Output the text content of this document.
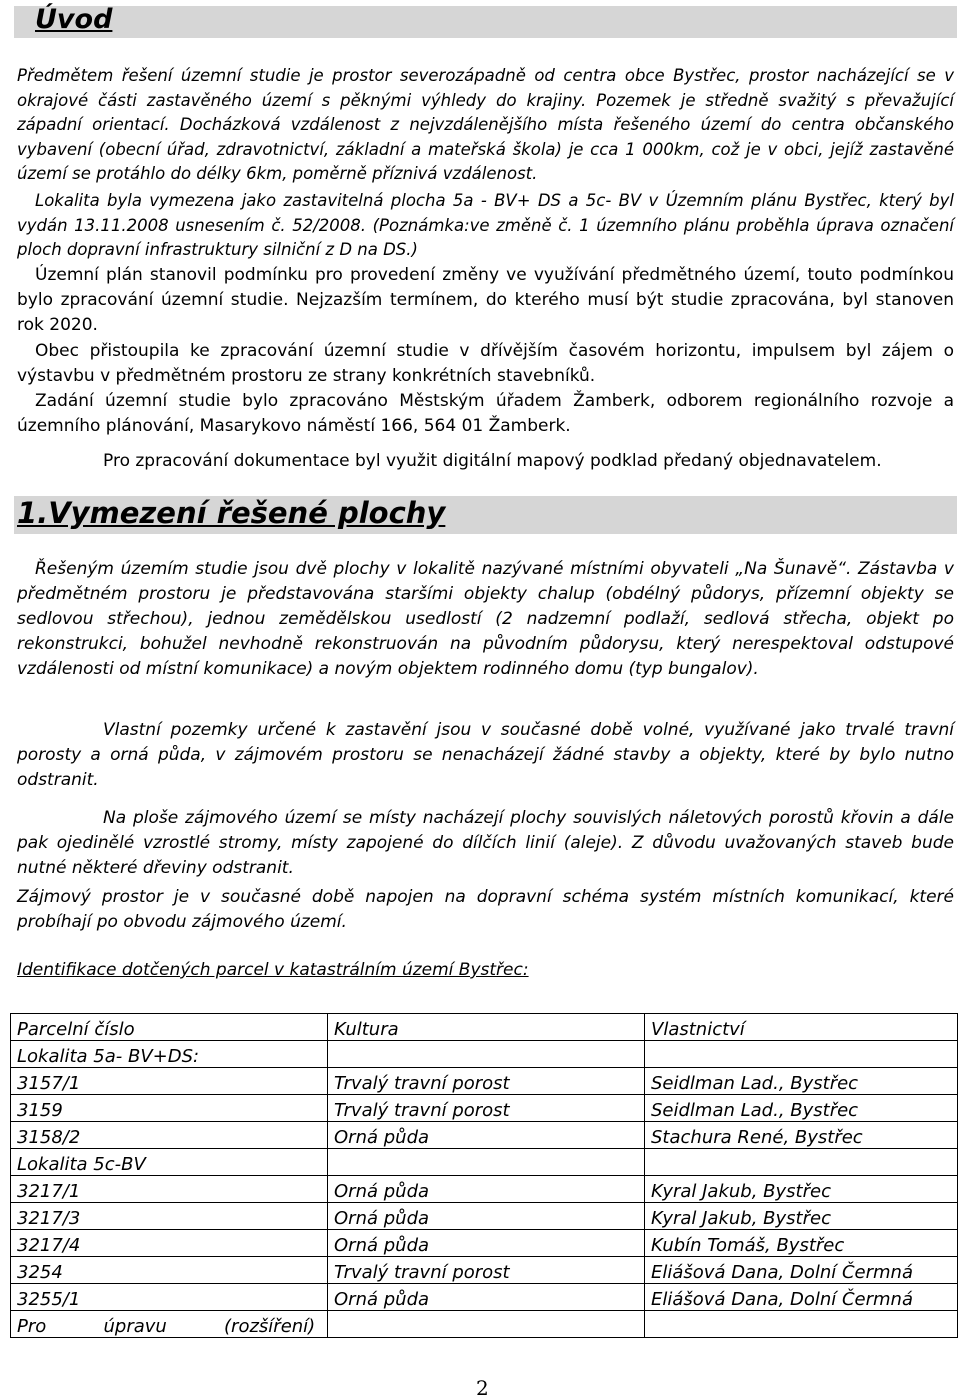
Úvod

Předmětem řešení územní studie je prostor severozápadně od centra obce Bystřec, prostor nacházející se v okrajové části zastavěného území s pěknými výhledy do krajiny. Pozemek je středně svažitý s převažující západní orientací. Docházková vzdálenost z nejvzdálenějšího místa řešeného území do centra občanského vybavení (obecní úřad, zdravotnictví, základní a mateřská škola) je cca 1 000km, což je v obci, jejíž zastavěné území se protáhlo do délky 6km, poměrně příznivá vzdálenost.

Lokalita byla vymezena jako zastavitelná plocha 5a - BV+ DS a 5c- BV v Územním plánu Bystřec, který byl vydán 13.11.2008 usnesením č. 52/2008. (Poznámka:ve změně č. 1 územního plánu proběhla úprava označení ploch dopravní infrastruktury silniční z D na DS.)

Územní plán stanovil podmínku pro provedení změny ve využívání předmětného území, touto podmínkou bylo zpracování územní studie. Nejzazším termínem, do kterého musí být studie zpracována, byl stanoven rok 2020.

Obec přistoupila ke zpracování územní studie v dřívějším časovém horizontu, impulsem byl zájem o výstavbu v předmětném prostoru ze strany konkrétních stavebníků.

Zadání územní studie bylo zpracováno Městským úřadem Žamberk, odborem regionálního rozvoje a územního plánování, Masarykovo náměstí 166, 564 01 Žamberk.

Pro zpracování dokumentace byl využit digitální mapový podklad předaný objednavatelem.

1.Vymezení řešené plochy

Řešeným územím studie jsou dvě plochy v lokalitě nazývané místními obyvateli „Na Šunavě“. Zástavba v předmětném prostoru je představována staršími objekty chalup (obdélný půdorys, přízemní objekty se sedlovou střechou), jednou zemědělskou usedlostí (2 nadzemní podlaží, sedlová střecha, objekt po rekonstrukci, bohužel nevhodně rekonstruován na původním půdorysu, který nerespektoval odstupové vzdálenosti od místní komunikace) a novým objektem rodinného domu (typ bungalov).

Vlastní pozemky určené k zastavění jsou v současné době volné, využívané jako trvalé travní porosty a orná půda, v zájmovém prostoru se nenacházejí žádné stavby a objekty, které by bylo nutno odstranit.

Na ploše zájmového území se místy nacházejí plochy souvislých náletových porostů křovin a dále pak ojedinělé vzrostlé stromy, místy zapojené do dílčích linií (aleje). Z důvodu uvažovaných staveb bude nutné některé dřeviny odstranit.

Zájmový prostor je v současné době napojen na dopravní schéma systém místních komunikací, které probíhají po obvodu zájmového území.

Identifikace dotčených parcel v katastrálním území Bystřec:

Parcelní číslo	Kultura	Vlastnictví
Lokalita 5a- BV+DS:		
3157/1	Trvalý travní porost	Seidlman Lad., Bystřec
3159	Trvalý travní porost	Seidlman Lad., Bystřec
3158/2	Orná půda	Stachura René, Bystřec
Lokalita 5c-BV		
3217/1	Orná půda	Kyral Jakub, Bystřec
3217/3	Orná půda	Kyral Jakub, Bystřec
3217/4	Orná půda	Kubín Tomáš, Bystřec
3254	Trvalý travní porost	Eliášová Dana, Dolní Čermná
3255/1	Orná půda	Eliášová Dana, Dolní Čermná
Pro          úpravu          (rozšíření)		
2
